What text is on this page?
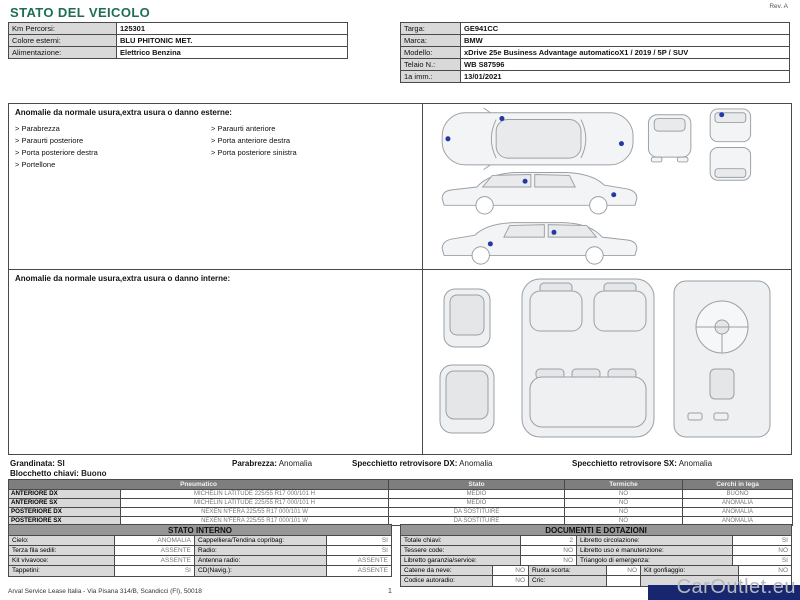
STATO DEL VEICOLO	Rev. A
Km Percorsi:	125301
Colore esterni:	BLU PHITONIC MET.
Alimentazione:	Elettrico Benzina
Targa:	GE941CC
Marca:	BMW
Modello:	xDrive 25e Business Advantage automaticoX1 / 2019 / 5P / SUV
Telaio N.:	WB S87596
1a imm.:	13/01/2021
Anomalie da normale usura,extra usura o danno esterne:
> Parabrezza
> Paraurti posteriore
> Porta posteriore destra
> Portellone
> Paraurti anteriore
> Porta anteriore destra
> Porta posteriore sinistra
Anomalie da normale usura,extra usura o danno interne:
Grandinata: SI	Parabrezza: Anomalia	Specchietto retrovisore DX: Anomalia	Specchietto retrovisore SX: Anomalia
Blocchetto chiavi: Buono
Pneumatico		Stato	Termiche	Cerchi in lega
ANTERIORE DX	MICHELIN LATITUDE 225/55 R17 000/101 H	MEDIO	NO	BUONO
ANTERIORE SX	MICHELIN LATITUDE 225/55 R17 000/101 H	MEDIO	NO	ANOMALIA
POSTERIORE DX	NEXEN N'FERA 225/55 R17 000/101 W	DA SOSTITUIRE	NO	ANOMALIA
POSTERIORE SX	NEXEN N'FERA 225/55 R17 000/101 W	DA SOSTITUIRE	NO	ANOMALIA
STATO INTERNO
Cielo:	ANOMALIA	Cappelliera/Tendina copribag:	SI
Terza fila sedili:	ASSENTE	Radio:	SI
Kit vivavoce:	ASSENTE	Antenna radio:	ASSENTE
Tappetini:	SI	CD(Navig.):	ASSENTE
DOCUMENTI E DOTAZIONI
Totale chiavi:	2	Libretto circolazione:	SI
Tessere code:	NO	Libretto uso e manutenzione:	NO
Libretto garanzia/service:	NO	Triangolo di emergenza:	SI
Catene da neve:	NO	Ruota scorta:	NO	Kit gonfiaggio:	NO
Codice autoradio:	NO	Cric:
Arval Service Lease Italia - Via Pisana 314/B, Scandicci (FI), 50018	1	CarOutlet.eu
